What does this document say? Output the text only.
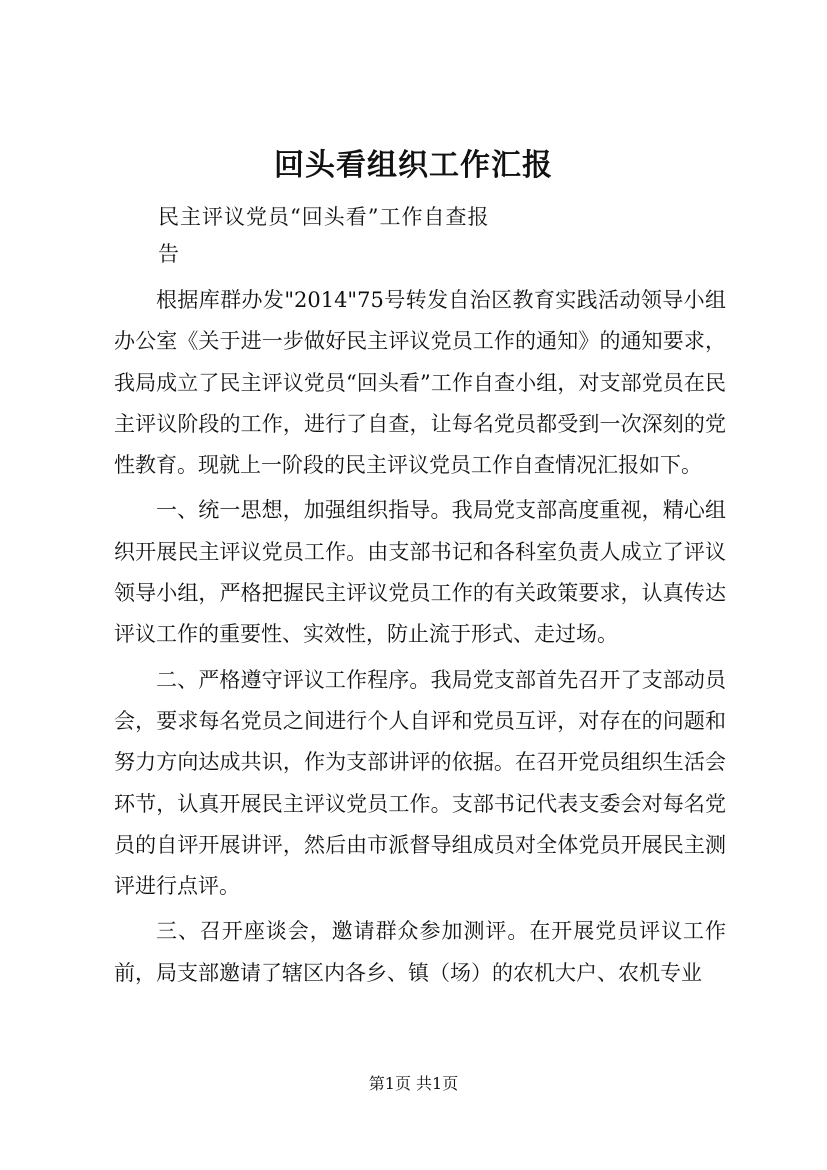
回头看组织工作汇报
民主评议党员“回头看”工作自查报
告

根据库群办发"2014"75号转发自治区教育实践活动领导小组办公室《关于进一步做好民主评议党员工作的通知》的通知要求，我局成立了民主评议党员“回头看”工作自查小组，对支部党员在民主评议阶段的工作，进行了自查，让每名党员都受到一次深刻的党性教育。现就上一阶段的民主评议党员工作自查情况汇报如下。

一、统一思想，加强组织指导。我局党支部高度重视，精心组织开展民主评议党员工作。由支部书记和各科室负责人成立了评议领导小组，严格把握民主评议党员工作的有关政策要求，认真传达评议工作的重要性、实效性，防止流于形式、走过场。

二、严格遵守评议工作程序。我局党支部首先召开了支部动员会，要求每名党员之间进行个人自评和党员互评，对存在的问题和努力方向达成共识，作为支部讲评的依据。在召开党员组织生活会环节，认真开展民主评议党员工作。支部书记代表支委会对每名党员的自评开展讲评，然后由市派督导组成员对全体党员开展民主测评进行点评。

三、召开座谈会，邀请群众参加测评。在开展党员评议工作前，局支部邀请了辖区内各乡、镇（场）的农机大户、农机专业

第1页 共1页
